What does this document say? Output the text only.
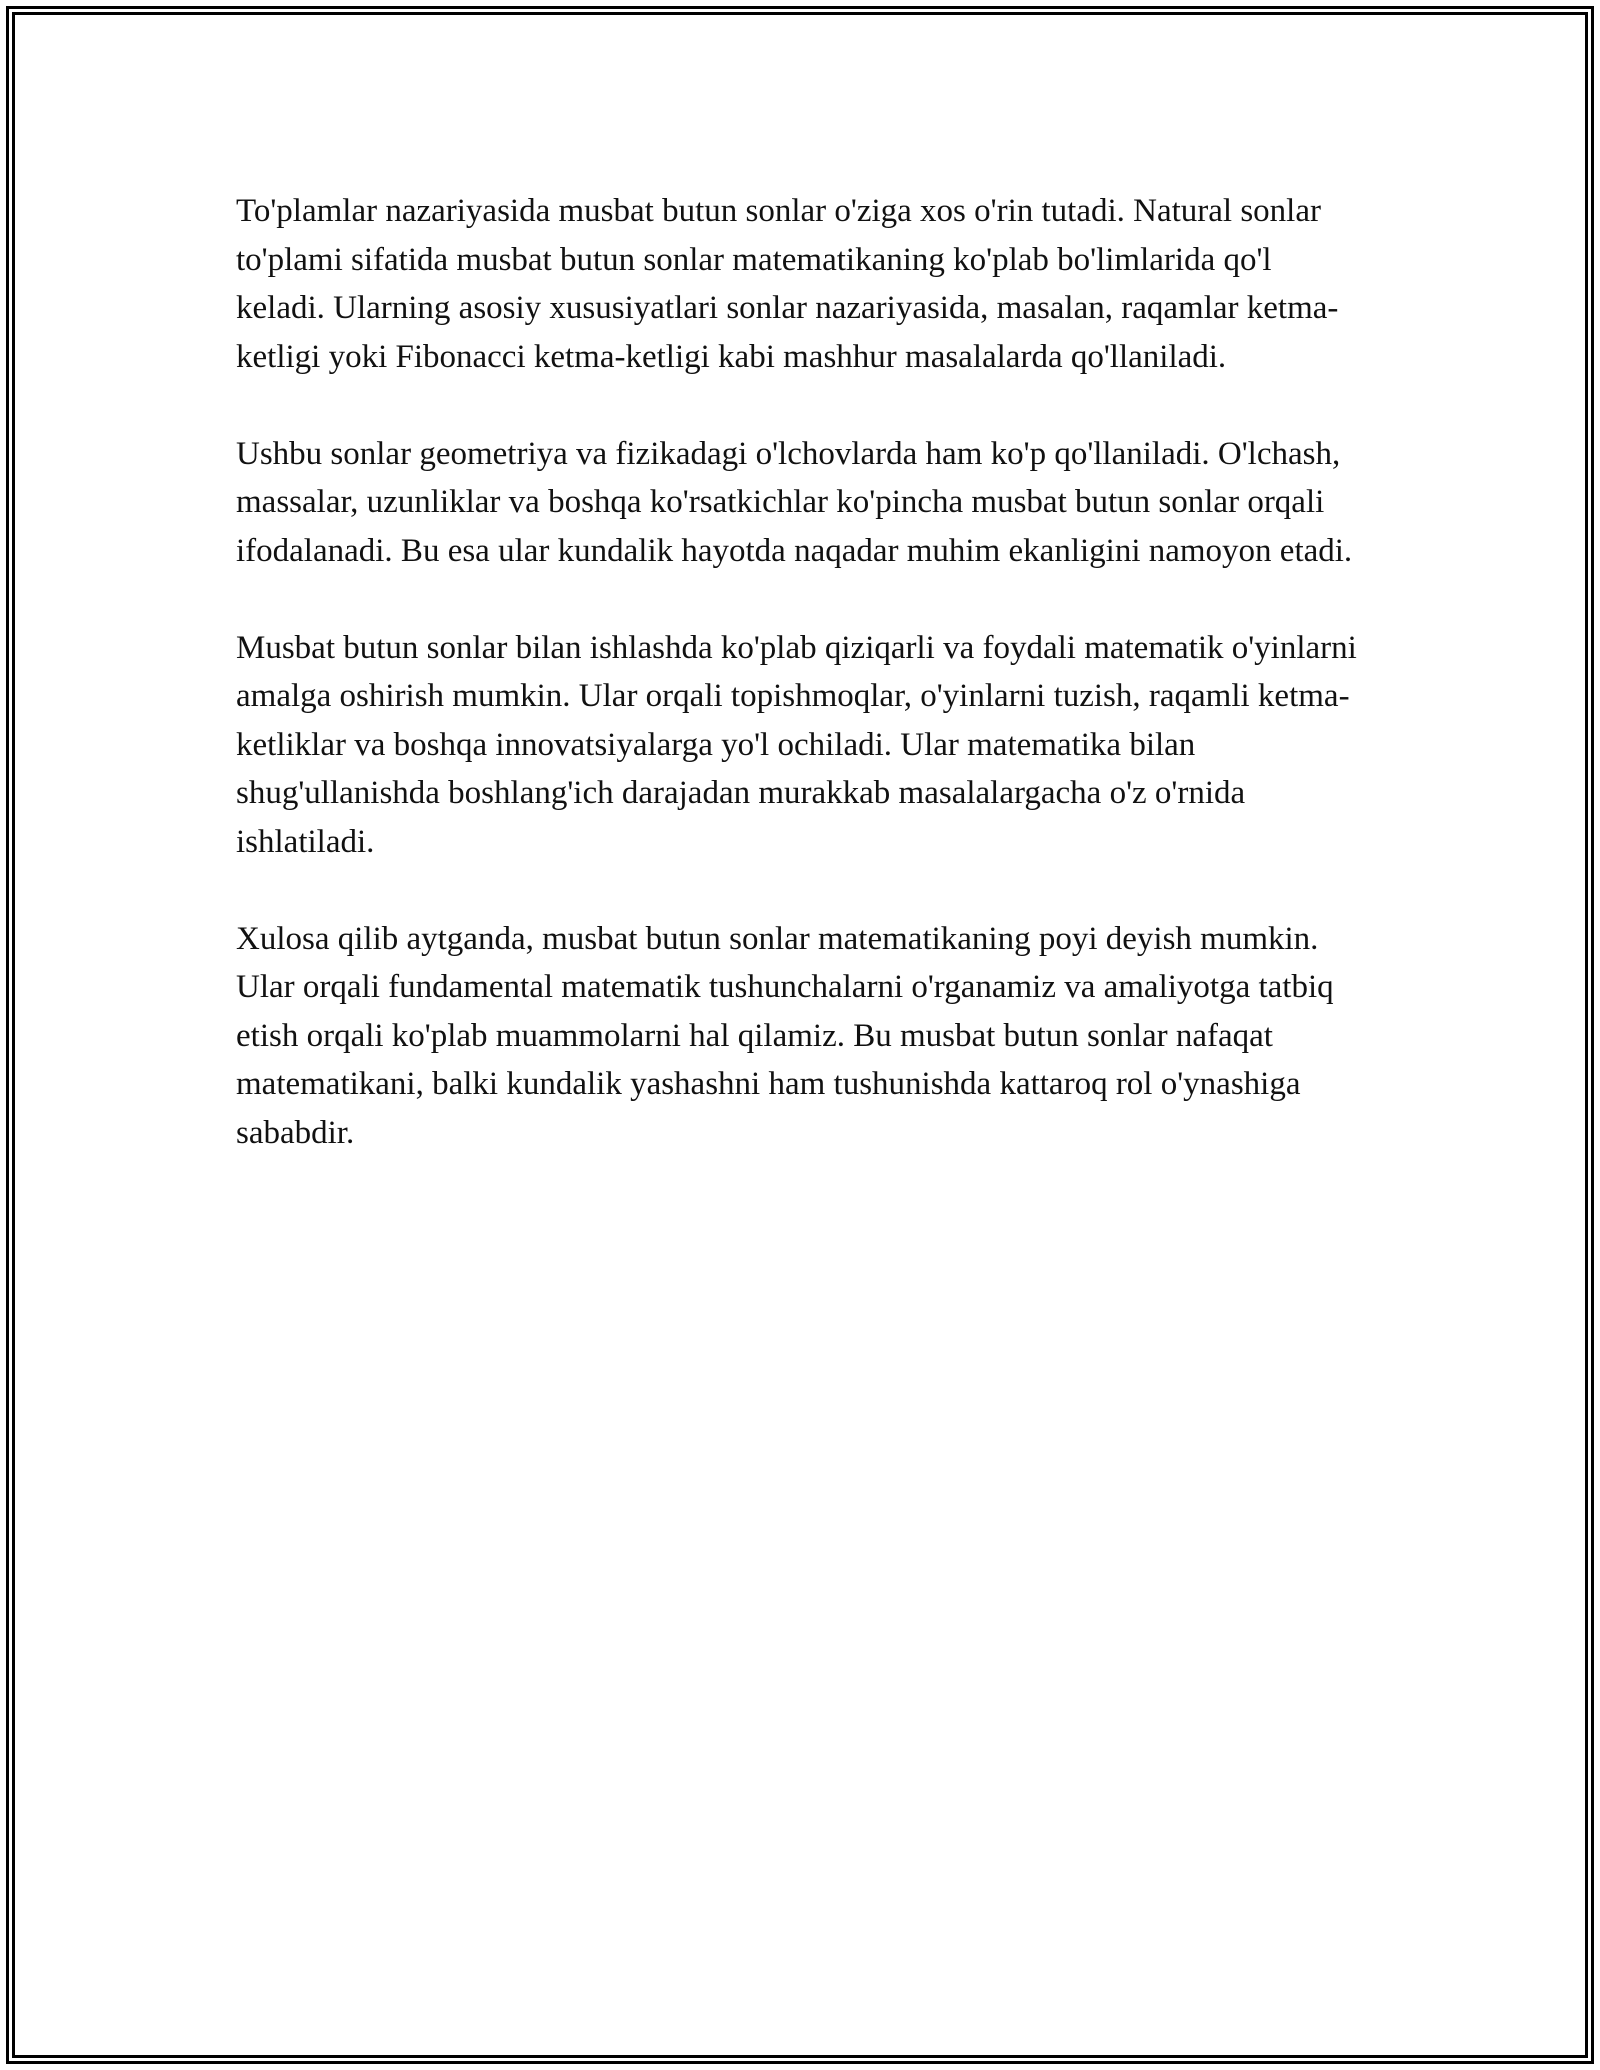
To'plamlar nazariyasida musbat butun sonlar o'ziga xos o'rin tutadi. Natural sonlar to'plami sifatida musbat butun sonlar matematikaning ko'plab bo'limlarida qo'l keladi. Ularning asosiy xususiyatlari sonlar nazariyasida, masalan, raqamlar ketma-ketligi yoki Fibonacci ketma-ketligi kabi mashhur masalalarda qo'llaniladi.

Ushbu sonlar geometriya va fizikadagi o'lchovlarda ham ko'p qo'llaniladi. O'lchash, massalar, uzunliklar va boshqa ko'rsatkichlar ko'pincha musbat butun sonlar orqali ifodalanadi. Bu esa ular kundalik hayotda naqadar muhim ekanligini namoyon etadi.

Musbat butun sonlar bilan ishlashda ko'plab qiziqarli va foydali matematik o'yinlarni amalga oshirish mumkin. Ular orqali topishmoqlar, o'yinlarni tuzish, raqamli ketma-ketliklar va boshqa innovatsiyalarga yo'l ochiladi. Ular matematika bilan shug'ullanishda boshlang'ich darajadan murakkab masalalargacha o'z o'rnida ishlatiladi.

Xulosa qilib aytganda, musbat butun sonlar matematikaning poyi deyish mumkin. Ular orqali fundamental matematik tushunchalarni o'rganamiz va amaliyotga tatbiq etish orqali ko'plab muammolarni hal qilamiz. Bu musbat butun sonlar nafaqat matematikani, balki kundalik yashashni ham tushunishda kattaroq rol o'ynashiga sababdir.
